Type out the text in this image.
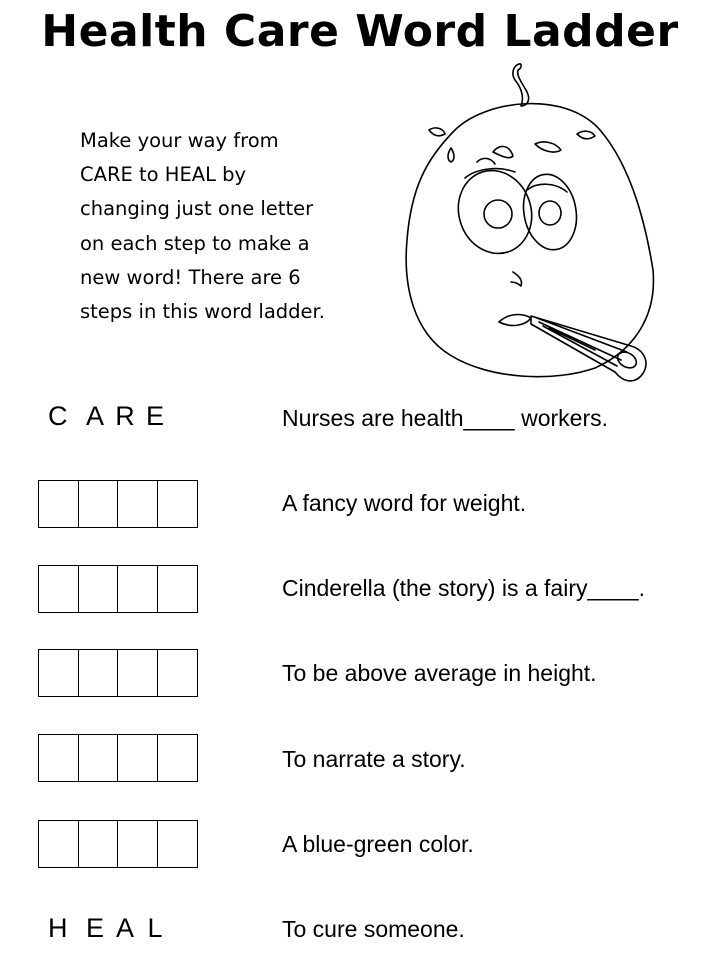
Health Care Word Ladder
Make your way from
CARE to HEAL by
changing just one letter
on each step to make a
new word! There are 6
steps in this word ladder.
C A R E
H E A L
Nurses are health____ workers.
A fancy word for weight.
Cinderella (the story) is a fairy____.
To be above average in height.
To narrate a story.
A blue-green color.
To cure someone.
